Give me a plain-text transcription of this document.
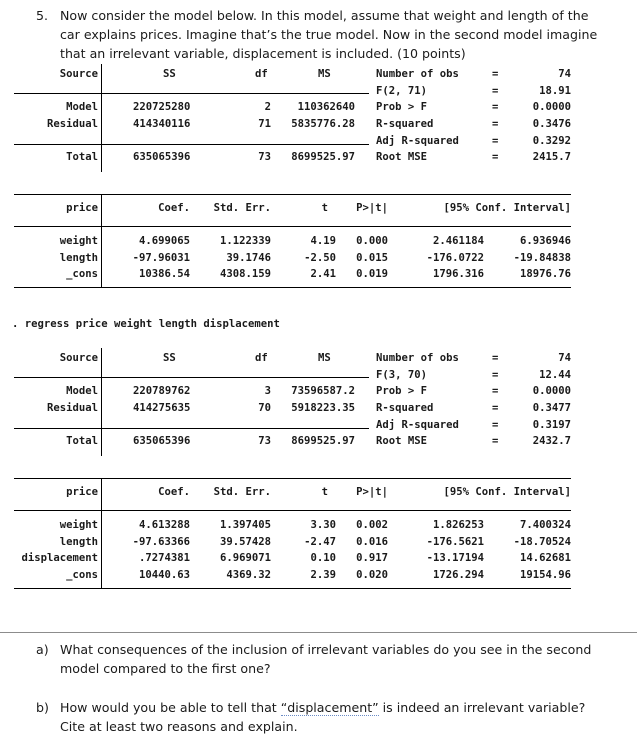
5. Now consider the model below. In this model, assume that weight and length of the
car explains prices. Imagine that’s the true model. Now in the second model imagine
that an irrelevant variable, displacement is included. (10 points)
Source	SS	df	MS
Model	220725280	2	110362640
Residual	414340116	71 5835776.28
Total	635065396	73 8699525.97
Number of obs	=	74
F(2, 71)	=	18.91
Prob > F	=	0.0000
R-squared	=	0.3476
Adj R-squared	=	0.3292
Root MSE	=	2415.7
price	Coef. Std. Err.	t	P>|t|	[95% Conf. Interval]
weight	4.699065	1.122339	4.19 0.000	2.461184	6.936946
length	-97.96031	39.1746	-2.50 0.015	-176.0722	-19.84838
_cons	10386.54	4308.159	2.41 0.019	1796.316	18976.76
. regress price weight length displacement
Source	SS	df	MS
Model	220789762	3 73596587.2
Residual	414275635	70 5918223.35
Total	635065396	73 8699525.97
Number of obs	=	74
F(3, 70)	=	12.44
Prob > F	=	0.0000
R-squared	=	0.3477
Adj R-squared	=	0.3197
Root MSE	=	2432.7
price	Coef. Std. Err.	t	P>|t|	[95% Conf. Interval]
weight	4.613288	1.397405	3.30 0.002	1.826253	7.400324
length	-97.63366	39.57428	-2.47 0.016	-176.5621	-18.70524
displacement	.7274381	6.969071	0.10 0.917	-13.17194	14.62681
_cons	10440.63	4369.32	2.39 0.020	1726.294	19154.96
a) What consequences of the inclusion of irrelevant variables do you see in the second
model compared to the first one?
b) How would you be able to tell that “displacement” is indeed an irrelevant variable?
Cite at least two reasons and explain.
